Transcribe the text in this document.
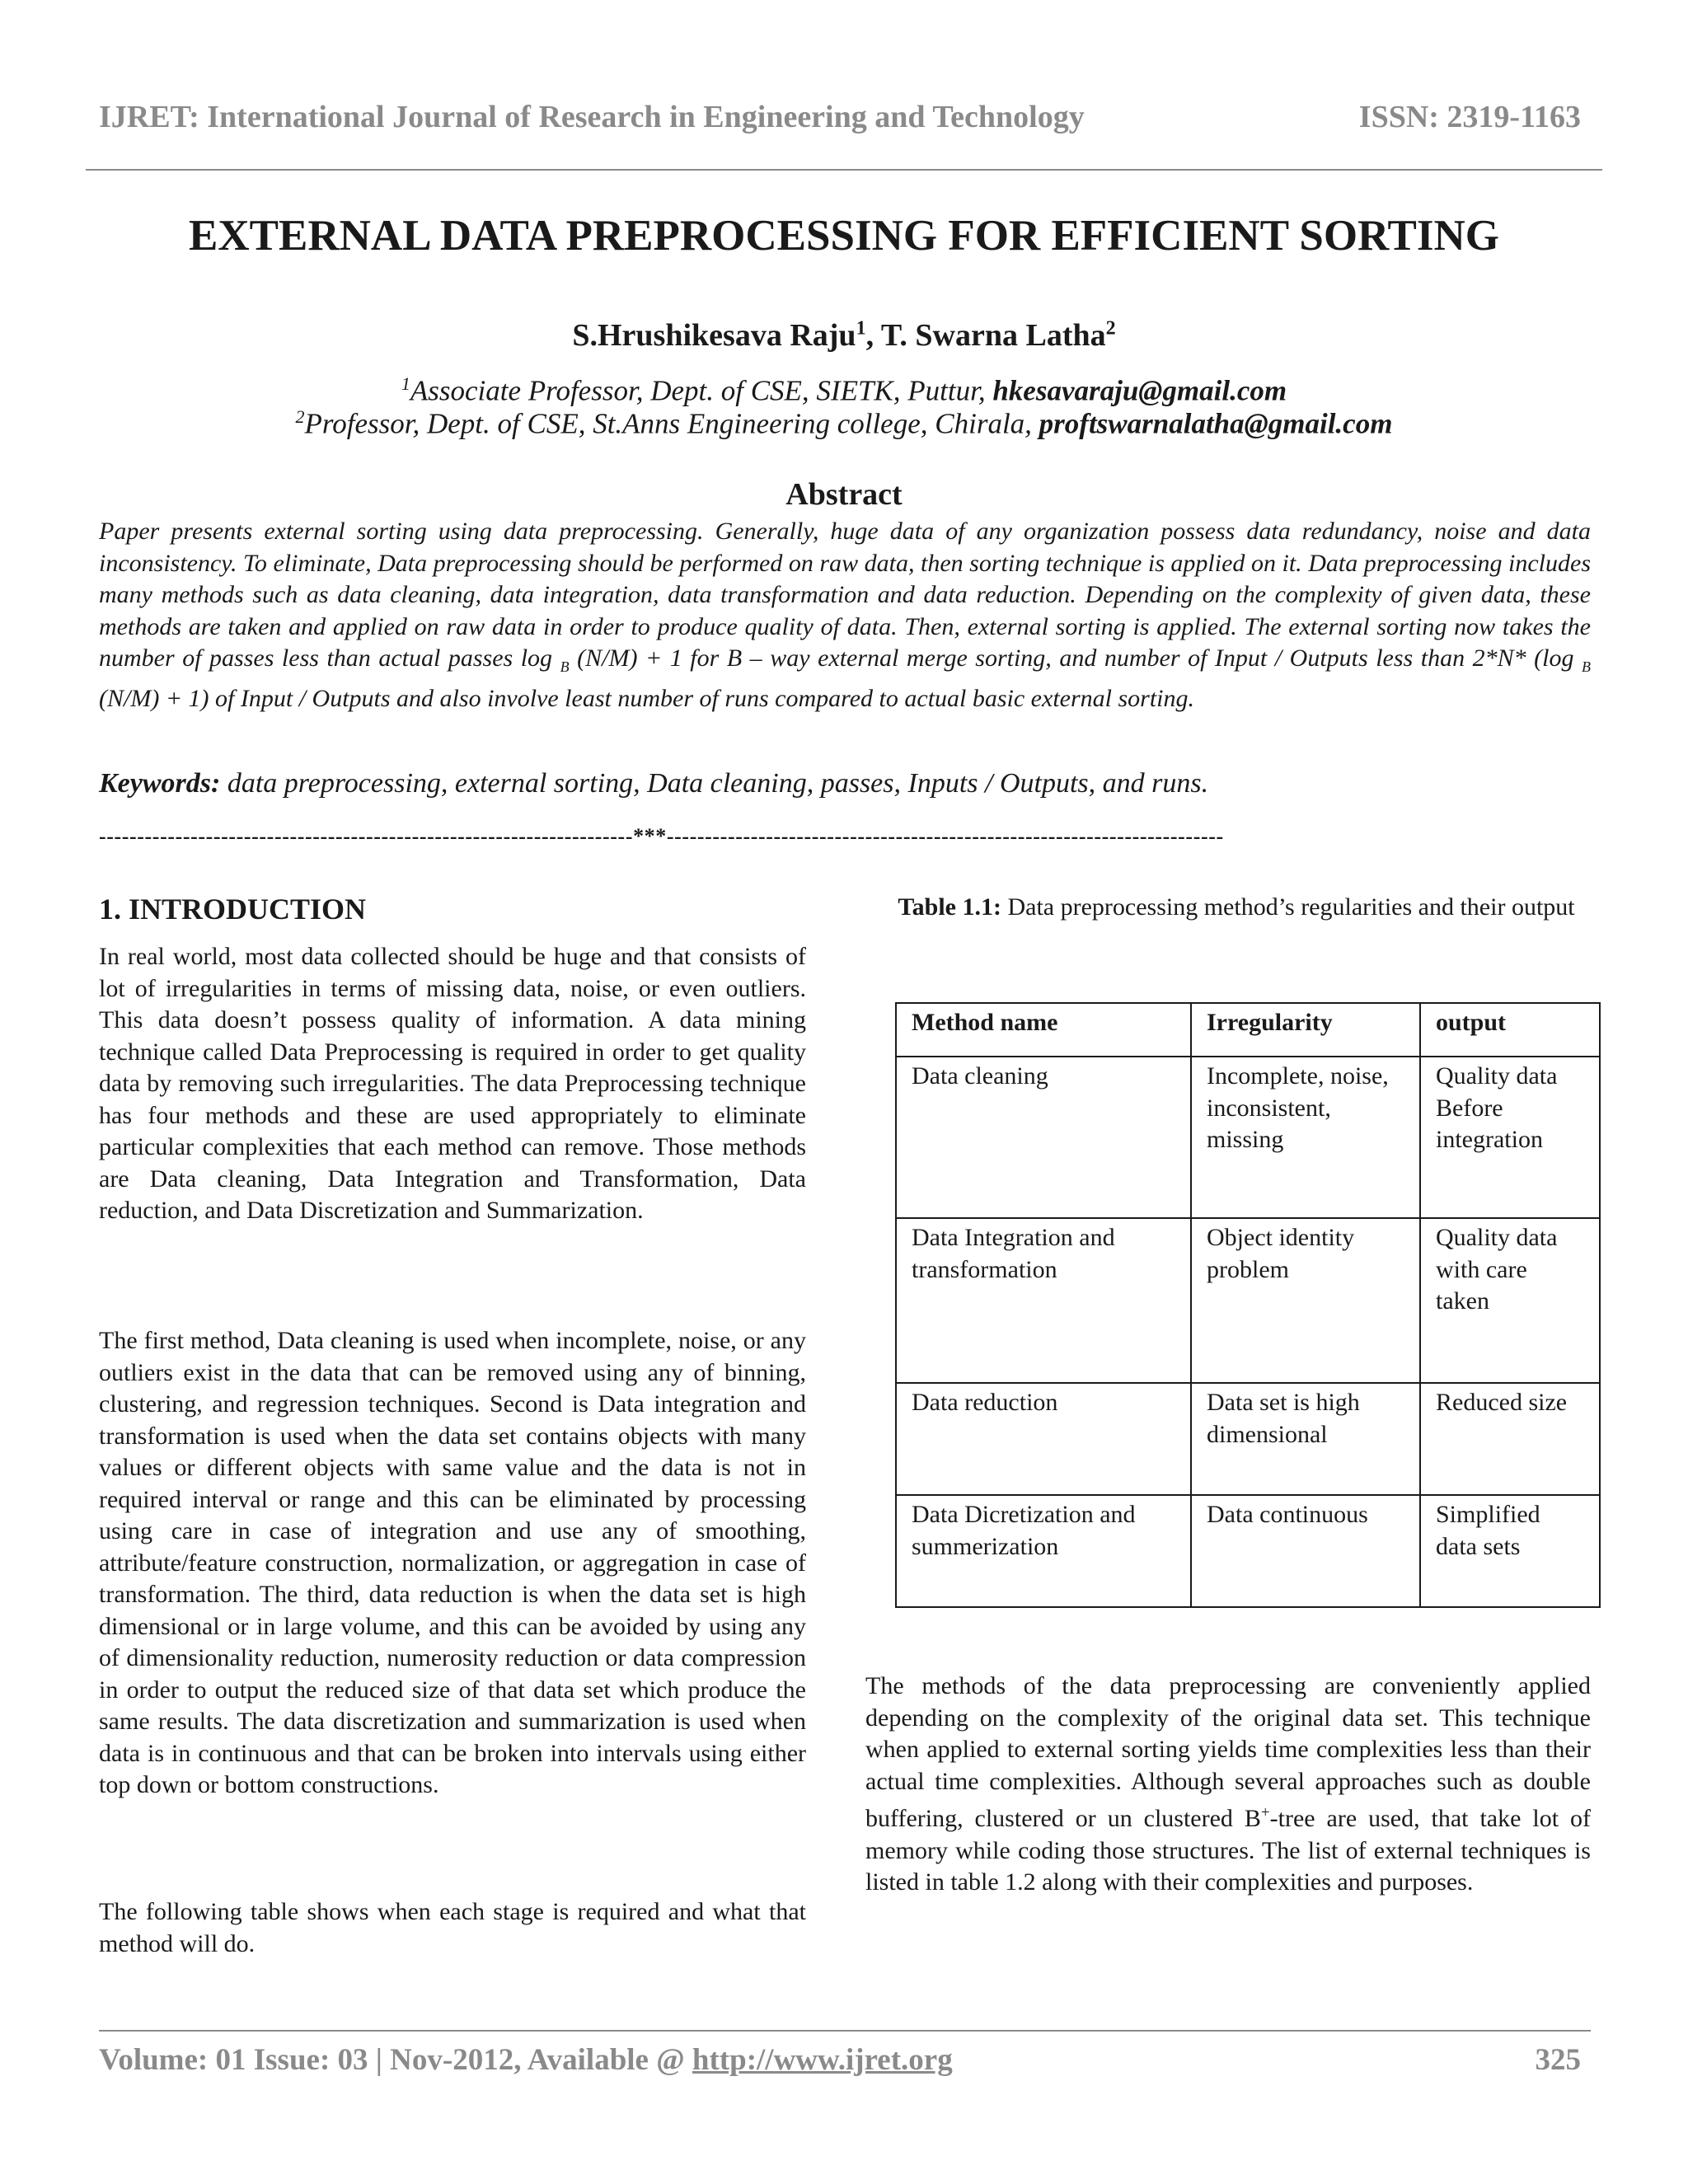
IJRET: International Journal of Research in Engineering and Technology	ISSN: 2319-1163
EXTERNAL DATA PREPROCESSING FOR EFFICIENT SORTING
S.Hrushikesava Raju$^1$, T. Swarna Latha$^2$
$^1$Associate Professor, Dept. of CSE, SIETK, Puttur, hkesavaraju@gmail.com
$^2$Professor, Dept. of CSE, St.Anns Engineering college, Chirala, proftswarnalatha@gmail.com
Abstract
Paper presents external sorting using data preprocessing. Generally, huge data of any organization possess data redundancy, noise and data inconsistency. To eliminate, Data preprocessing should be performed on raw data, then sorting technique is applied on it. Data preprocessing includes many methods such as data cleaning, data integration, data transformation and data reduction. Depending on the complexity of given data, these methods are taken and applied on raw data in order to produce quality of data. Then, external sorting is applied. The external sorting now takes the number of passes less than actual passes log $_B$ (N/M) + 1 for B – way external merge sorting, and number of Input / Outputs less than 2*N* (log $_B$ (N/M) + 1) of Input / Outputs and also involve least number of runs compared to actual basic external sorting.
Keywords: data preprocessing, external sorting, Data cleaning, passes, Inputs / Outputs, and runs.
----------------------------------------------------------------------***-------------------------------------------------------------------------
1. INTRODUCTION
In real world, most data collected should be huge and that consists of lot of irregularities in terms of missing data, noise, or even outliers. This data doesn’t possess quality of information. A data mining technique called Data Preprocessing is required in order to get quality data by removing such irregularities. The data Preprocessing technique has four methods and these are used appropriately to eliminate particular complexities that each method can remove. Those methods are Data cleaning, Data Integration and Transformation, Data reduction, and Data Discretization and Summarization.
The first method, Data cleaning is used when incomplete, noise, or any outliers exist in the data that can be removed using any of binning, clustering, and regression techniques. Second is Data integration and transformation is used when the data set contains objects with many values or different objects with same value and the data is not in required interval or range and this can be eliminated by processing using care in case of integration and use any of smoothing, attribute/feature construction, normalization, or aggregation in case of transformation. The third, data reduction is when the data set is high dimensional or in large volume, and this can be avoided by using any of dimensionality reduction, numerosity reduction or data compression in order to output the reduced size of that data set which produce the same results. The data discretization and summarization is used when data is in continuous and that can be broken into intervals using either top down or bottom constructions.
The following table shows when each stage is required and what that method will do.
Table 1.1: Data preprocessing method’s regularities and their output
Method name	Irregularity	output
Data cleaning	Incomplete, noise, inconsistent, missing	Quality data Before integration
Data Integration and transformation	Object identity problem	Quality data with care taken
Data reduction	Data set is high dimensional	Reduced size
Data Dicretization and summerization	Data continuous	Simplified data sets
The methods of the data preprocessing are conveniently applied depending on the complexity of the original data set. This technique when applied to external sorting yields time complexities less than their actual time complexities. Although several approaches such as double buffering, clustered or un clustered B+-tree are used, that take lot of memory while coding those structures. The list of external techniques is listed in table 1.2 along with their complexities and purposes.
Volume: 01 Issue: 03 | Nov-2012, Available @ http://www.ijret.org	325
